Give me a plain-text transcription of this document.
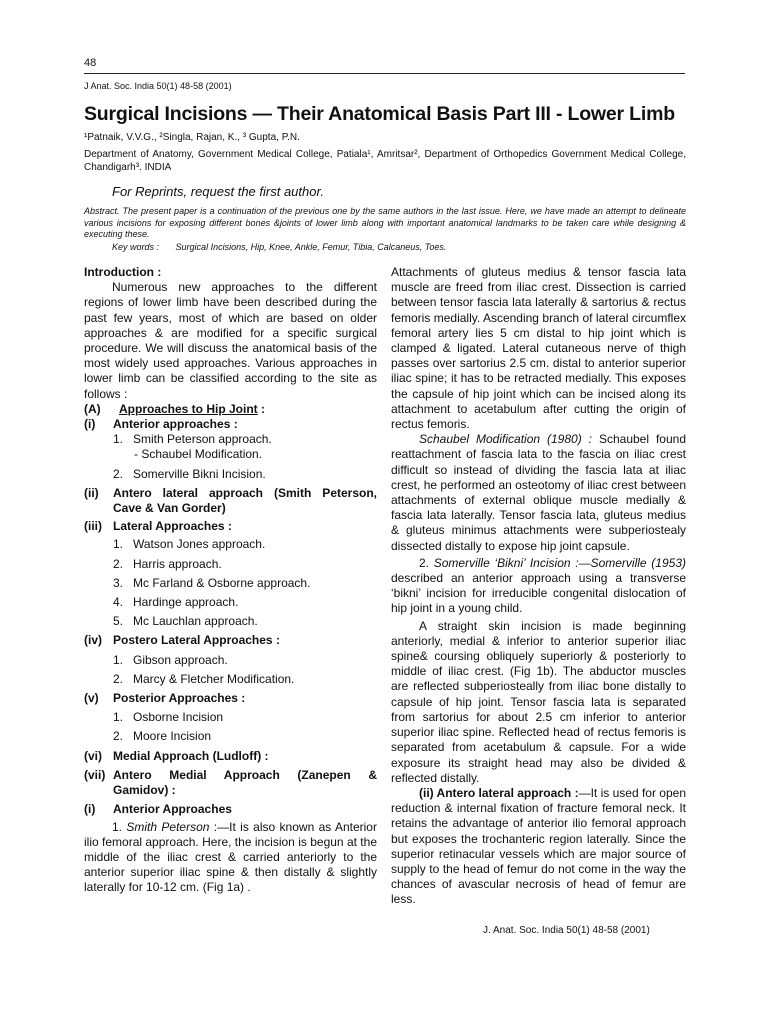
48
J Anat. Soc. India 50(1) 48-58 (2001)
Surgical Incisions — Their Anatomical Basis Part III - Lower Limb
¹Patnaik, V.V.G., ²Singla, Rajan, K., ³ Gupta, P.N.
Department of Anatomy, Government Medical College, Patiala¹, Amritsar², Department of Orthopedics Government Medical College, Chandigarh³. INDIA
For Reprints, request the first author.
Abstract. The present paper is a continuation of the previous one by the same authors in the last issue. Here, we have made an attempt to delineate various incisions for exposing different bones &joints of lower limb along with important anatomical landmarks to be taken care while designing & executing these.
Key words : Surgical Incisions, Hip, Knee, Ankle, Femur, Tibia, Calcaneus, Toes.

Introduction :

Numerous new approaches to the different regions of lower limb have been described during the past few years, most of which are based on older approaches & are modified for a specific surgical procedure. We will discuss the anatomical basis of the most widely used approaches. Various approaches in lower limb can be classified according to the site as follows :

(A)	Approaches to Hip Joint :
(i)	Anterior approaches :
1. Smith Peterson approach.
- Schaubel Modification.
2. Somerville Bikni Incision.
(ii)	Antero lateral approach (Smith Peterson, Cave & Van Gorder)
(iii) Lateral Approaches :
1. Watson Jones approach.
2. Harris approach.
3. Mc Farland & Osborne approach.
4. Hardinge approach.
5. Mc Lauchlan approach.
(iv) Postero Lateral Approaches :
1. Gibson approach.
2. Marcy & Fletcher Modification.
(v)	Posterior Approaches :
1. Osborne Incision
2. Moore Incision
(vi) Medial Approach (Ludloff) :
(vii) Antero Medial Approach (Zanepen & Gamidov) :
(i)	Anterior Approaches

1. Smith Peterson :—It is also known as Anterior ilio femoral approach. Here, the incision is begun at the middle of the iliac crest & carried anteriorly to the anterior superior iliac spine & then distally & slightly laterally for 10-12 cm. (Fig 1a) .

Attachments of gluteus medius & tensor fascia lata muscle are freed from iliac crest. Dissection is carried between tensor fascia lata laterally & sartorius & rectus femoris medially. Ascending branch of lateral circumflex femoral artery lies 5 cm distal to hip joint which is clamped & ligated. Lateral cutaneous nerve of thigh passes over sartorius 2.5 cm. distal to anterior superior iliac spine; it has to be retracted medially. This exposes the capsule of hip joint which can be incised along its attachment to acetabulum after cutting the origin of rectus femoris.

Schaubel Modification (1980) : Schaubel found reattachment of fascia lata to the fascia on iliac crest difficult so instead of dividing the fascia lata at iliac crest, he performed an osteotomy of iliac crest between attachments of external oblique muscle medially & fascia lata laterally. Tensor fascia lata, gluteus medius & gluteus minimus attachments were subperiostealy dissected distally to expose hip joint capsule.

2. Somerville ‘Bikni’ Incision :—Somerville (1953) described an anterior approach using a transverse ‘bikni’ incision for irreducible congenital dislocation of hip joint in a young child.

A straight skin incision is made beginning anteriorly, medial & inferior to anterior superior iliac spine& coursing obliquely superiorly & posteriorly to middle of iliac crest. (Fig 1b). The abductor muscles are reflected subperiosteally from iliac bone distally to capsule of hip joint. Tensor fascia lata is separated from sartorius for about 2.5 cm inferior to anterior superior iliac spine. Reflected head of rectus femoris is separated from acetabulum & capsule. For a wide exposure its straight head may also be divided & reflected distally.

(ii) Antero lateral approach :—It is used for open reduction & internal fixation of fracture femoral neck. It retains the advantage of anterior ilio femoral approach but exposes the trochanteric region laterally. Since the superior retinacular vessels which are major source of supply to the head of femur do not come in the way the chances of avascular necrosis of head of femur are less.

J. Anat. Soc. India 50(1) 48-58 (2001)
